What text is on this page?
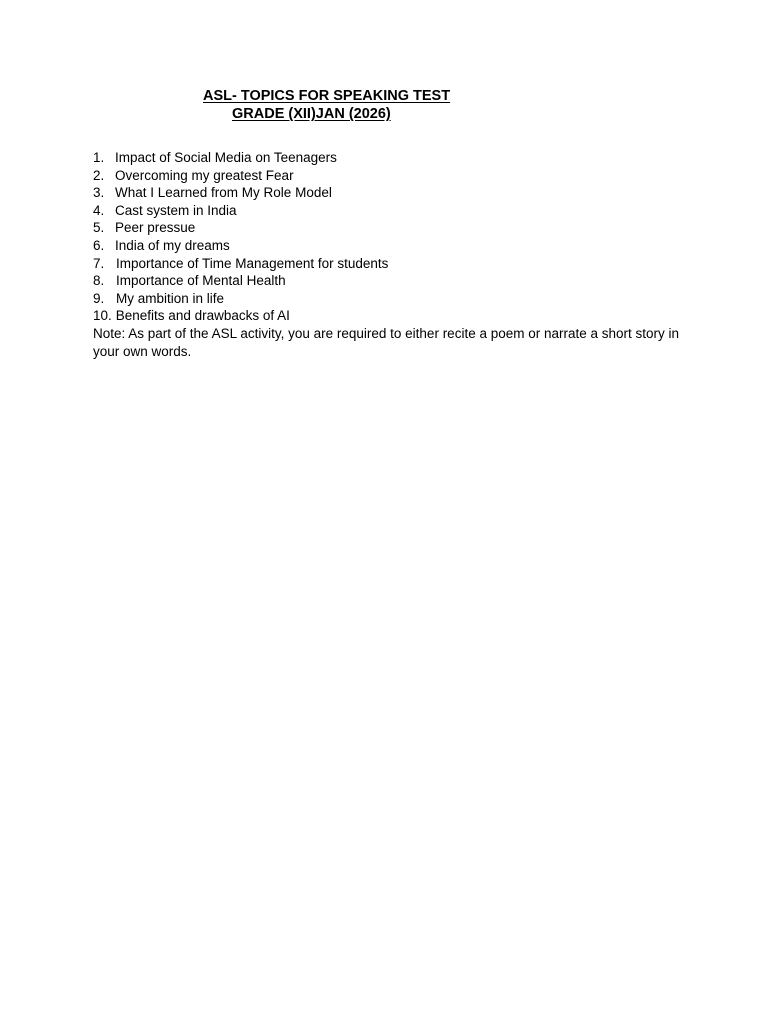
ASL- TOPICS FOR SPEAKING TEST
GRADE (XII)JAN (2026)
1. Impact of Social Media on Teenagers
2. Overcoming my greatest Fear
3. What I Learned from My Role Model
4. Cast system in India
5. Peer pressue
6. India of my dreams
7. Importance of Time Management for students
8. Importance of Mental Health
9. My ambition in life
10. Benefits and drawbacks of AI
Note: As part of the ASL activity, you are required to either recite a poem or narrate a short story in your own words.
